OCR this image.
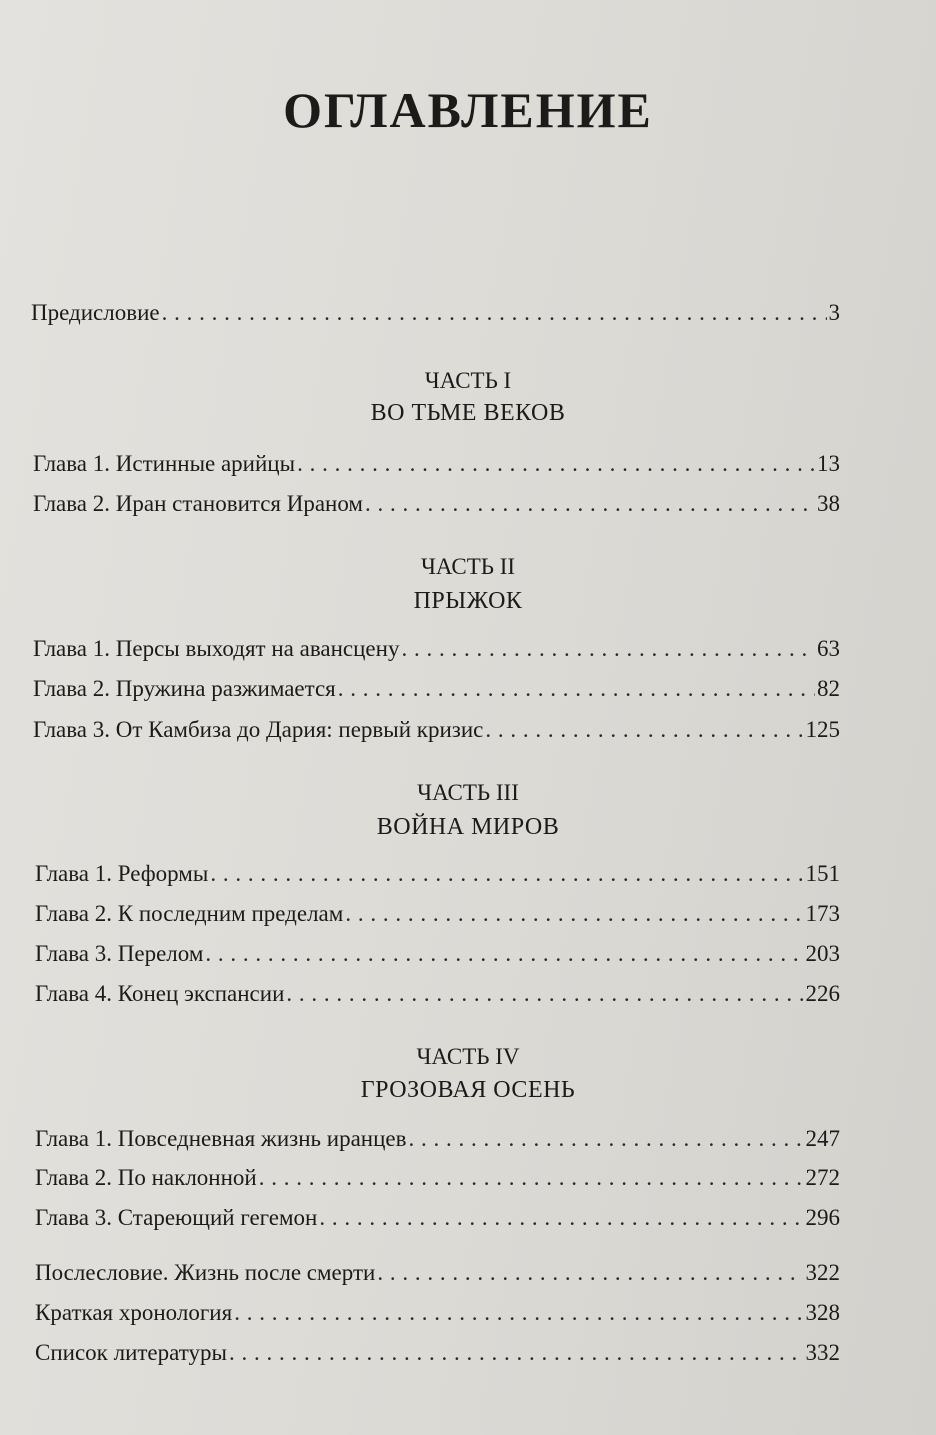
ОГЛАВЛЕНИЕ
Предисловие . . .	3
ЧАСТЬ I
ВО ТЬМЕ ВЕКОВ
Глава 1. Истинные арийцы . . .	13
Глава 2. Иран становится Ираном . . .	38
ЧАСТЬ II
ПРЫЖОК
Глава 1. Персы выходят на авансцену . . .	63
Глава 2. Пружина разжимается . . .	82
Глава 3. От Камбиза до Дария: первый кризис . . .	125
ЧАСТЬ III
ВОЙНА МИРОВ
Глава 1. Реформы . . .	151
Глава 2. К последним пределам . . .	173
Глава 3. Перелом . . .	203
Глава 4. Конец экспансии . . .	226
ЧАСТЬ IV
ГРОЗОВАЯ ОСЕНЬ
Глава 1. Повседневная жизнь иранцев . . .	247
Глава 2. По наклонной . . .	272
Глава 3. Стареющий гегемон . . .	296
Послесловие. Жизнь после смерти . . .	322
Краткая хронология . . .	328
Список литературы . . .	332
